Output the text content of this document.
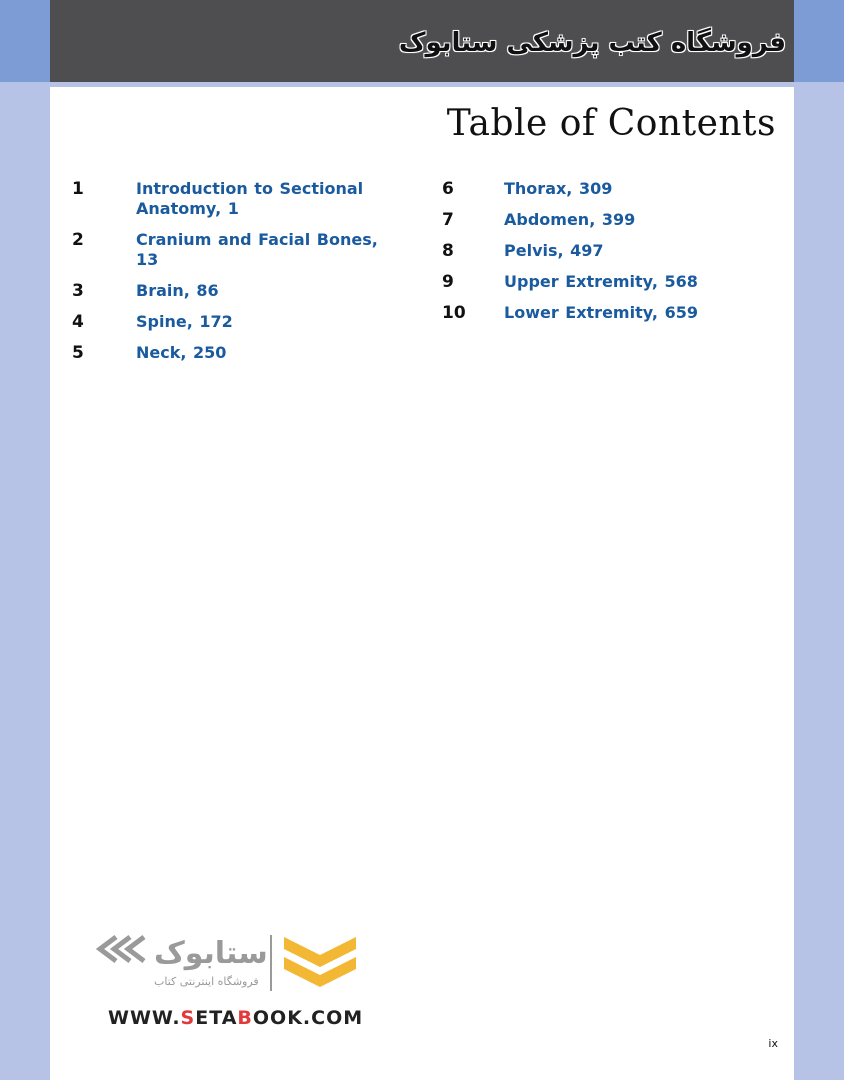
فروشگاه کتب پزشکی ستابوک
Table of Contents
1	Introduction to Sectional Anatomy, 1
2	Cranium and Facial Bones, 13
3	Brain, 86
4	Spine, 172
5	Neck, 250
6	Thorax, 309
7	Abdomen, 399
8	Pelvis, 497
9	Upper Extremity, 568
10	Lower Extremity, 659
ستابوک
فروشگاه اینترنتی کتاب
WWW.SETABOOK.COM
ix
